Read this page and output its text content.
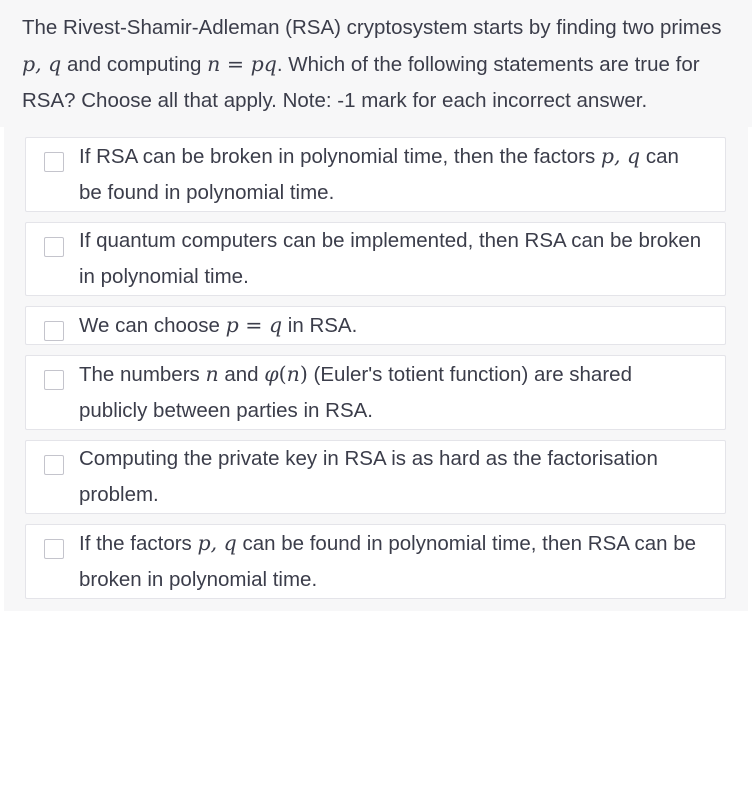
The Rivest-Shamir-Adleman (RSA) cryptosystem starts by finding two primes p, q and computing n = pq. Which of the following statements are true for RSA? Choose all that apply. Note: -1 mark for each incorrect answer.
If RSA can be broken in polynomial time, then the factors p, q can be found in polynomial time.
If quantum computers can be implemented, then RSA can be broken in polynomial time.
We can choose p = q in RSA.
The numbers n and φ(n) (Euler's totient function) are shared publicly between parties in RSA.
Computing the private key in RSA is as hard as the factorisation problem.
If the factors p, q can be found in polynomial time, then RSA can be broken in polynomial time.
